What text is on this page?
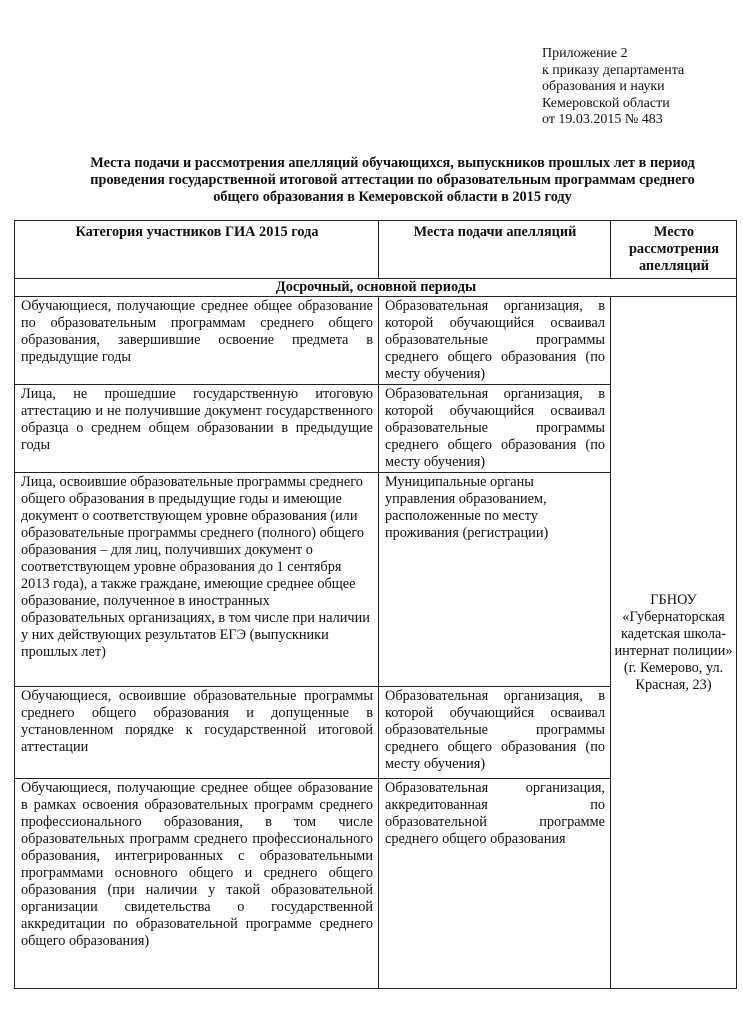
Приложение 2
к приказу департамента
образования и науки
Кемеровской области
от 19.03.2015 № 483
Места подачи и рассмотрения апелляций обучающихся, выпускников прошлых лет в период проведения государственной итоговой аттестации по образовательным программам среднего общего образования в Кемеровской области в 2015 году
Категория участников ГИА 2015 года	Места подачи апелляций	Место рассмотрения апелляций
Досрочный, основной периоды		
Обучающиеся, получающие среднее общее образование по образовательным программам среднего общего образования, завершившие освоение предмета в предыдущие годы	Образовательная организация, в которой обучающийся осваивал образовательные программы среднего общего образования (по месту обучения)	ГБНОУ «Губернаторская кадетская школа-интернат полиции» (г. Кемерово, ул. Красная, 23)
Лица, не прошедшие государственную итоговую аттестацию и не получившие документ государственного образца о среднем общем образовании в предыдущие годы	Образовательная организация, в которой обучающийся осваивал образовательные программы среднего общего образования (по месту обучения)	
Лица, освоившие образовательные программы среднего общего образования в предыдущие годы и имеющие документ о соответствующем уровне образования (или образовательные программы среднего (полного) общего образования – для лиц, получивших документ о соответствующем уровне образования до 1 сентября 2013 года), а также граждане, имеющие среднее общее образование, полученное в иностранных образовательных организациях, в том числе при наличии у них действующих результатов ЕГЭ (выпускники прошлых лет)	Муниципальные органы управления образованием, расположенные по месту проживания (регистрации)	
Обучающиеся, освоившие образовательные программы среднего общего образования и допущенные в установленном порядке к государственной итоговой аттестации	Образовательная организация, в которой обучающийся осваивал образовательные программы среднего общего образования (по месту обучения)	
Обучающиеся, получающие среднее общее образование в рамках освоения образовательных программ среднего профессионального образования, в том числе образовательных программ среднего профессионального образования, интегрированных с образовательными программами основного общего и среднего общего образования (при наличии у такой образовательной организации свидетельства о государственной аккредитации по образовательной программе среднего общего образования)	Образовательная организация, аккредитованная по образовательной программе среднего общего образования	
